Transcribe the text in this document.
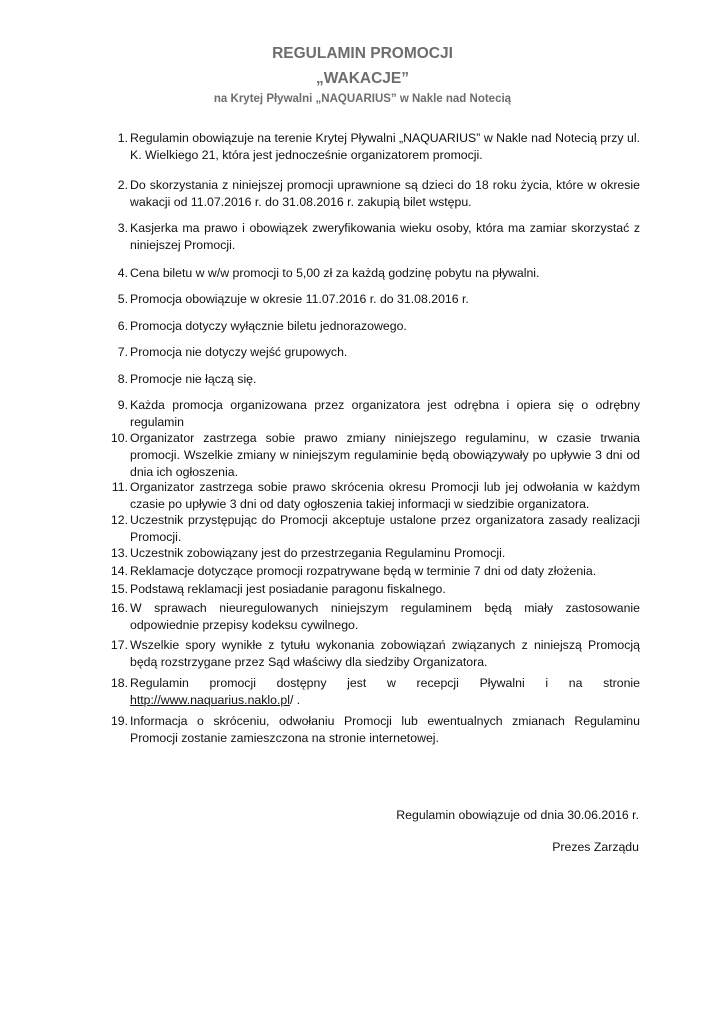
REGULAMIN PROMOCJI
„WAKACJE”
na Krytej Pływalni „NAQUARIUS” w Nakle nad Notecią
1. Regulamin obowiązuje na terenie Krytej Pływalni „NAQUARIUS” w Nakle nad Notecią przy ul. K. Wielkiego 21, która jest jednocześnie organizatorem promocji.
2. Do skorzystania z niniejszej promocji uprawnione są dzieci do 18 roku życia, które w okresie wakacji od 11.07.2016 r. do 31.08.2016 r. zakupią bilet wstępu.
3. Kasjerka ma prawo i obowiązek zweryfikowania wieku osoby, która ma zamiar skorzystać z niniejszej Promocji.
4. Cena biletu w w/w promocji to 5,00 zł za każdą godzinę pobytu na pływalni.
5. Promocja obowiązuje w okresie 11.07.2016 r. do 31.08.2016 r.
6. Promocja dotyczy wyłącznie biletu jednorazowego.
7. Promocja nie dotyczy wejść grupowych.
8. Promocje nie łączą się.
9. Każda promocja organizowana przez organizatora jest odrębna i opiera się o odrębny regulamin
10. Organizator zastrzega sobie prawo zmiany niniejszego regulaminu, w czasie trwania promocji. Wszelkie zmiany w niniejszym regulaminie będą obowiązywały po upływie 3 dni od dnia ich ogłoszenia.
11. Organizator zastrzega sobie prawo skrócenia okresu Promocji lub jej odwołania w każdym czasie po upływie 3 dni od daty ogłoszenia takiej informacji w siedzibie organizatora.
12. Uczestnik przystępując do Promocji akceptuje ustalone przez organizatora zasady realizacji Promocji.
13. Uczestnik zobowiązany jest do przestrzegania Regulaminu Promocji.
14. Reklamacje dotyczące promocji rozpatrywane będą w terminie 7 dni od daty złożenia.
15. Podstawą reklamacji jest posiadanie paragonu fiskalnego.
16. W sprawach nieuregulowanych niniejszym regulaminem będą miały zastosowanie odpowiednie przepisy kodeksu cywilnego.
17. Wszelkie spory wynikłe z tytułu wykonania zobowiązań związanych z niniejszą Promocją będą rozstrzygane przez Sąd właściwy dla siedziby Organizatora.
18. Regulamin promocji dostępny jest w recepcji Pływalni i na stronie
http://www.naquarius.naklo.pl/ .
19. Informacja o skróceniu, odwołaniu Promocji lub ewentualnych zmianach Regulaminu Promocji zostanie zamieszczona na stronie internetowej.
Regulamin obowiązuje od dnia 30.06.2016 r.
Prezes Zarządu
